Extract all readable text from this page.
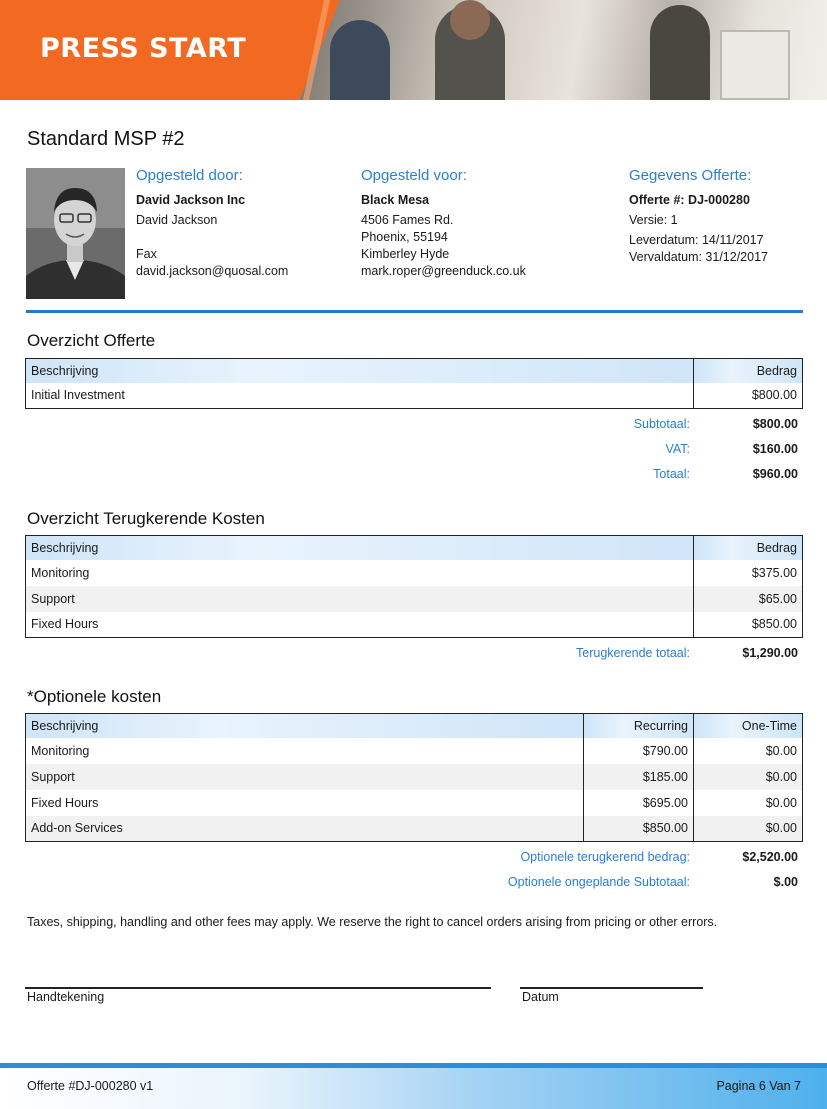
PRESS START
Standard MSP #2
Opgesteld door:
David Jackson Inc
David Jackson
Fax
david.jackson@quosal.com
Opgesteld voor:
Black Mesa
4506 Fames Rd.
Phoenix, 55194
Kimberley Hyde
mark.roper@greenduck.co.uk
Gegevens Offerte:
Offerte #: DJ-000280
Versie: 1
Leverdatum: 14/11/2017
Vervaldatum: 31/12/2017
Overzicht Offerte
Beschrijving	Bedrag
Initial Investment	$800.00
Subtotaal:	$800.00
VAT:	$160.00
Totaal:	$960.00
Overzicht Terugkerende Kosten
Beschrijving	Bedrag
Monitoring	$375.00
Support	$65.00
Fixed Hours	$850.00
Terugkerende totaal:	$1,290.00
*Optionele kosten
Beschrijving	Recurring	One-Time
Monitoring	$790.00	$0.00
Support	$185.00	$0.00
Fixed Hours	$695.00	$0.00
Add-on Services	$850.00	$0.00
Optionele terugkerend bedrag:	$2,520.00
Optionele ongeplande Subtotaal:	$.00
Taxes, shipping, handling and other fees may apply. We reserve the right to cancel orders arising from pricing or other errors.
Handtekening	Datum
Offerte #DJ-000280 v1	Pagina 6 Van 7
